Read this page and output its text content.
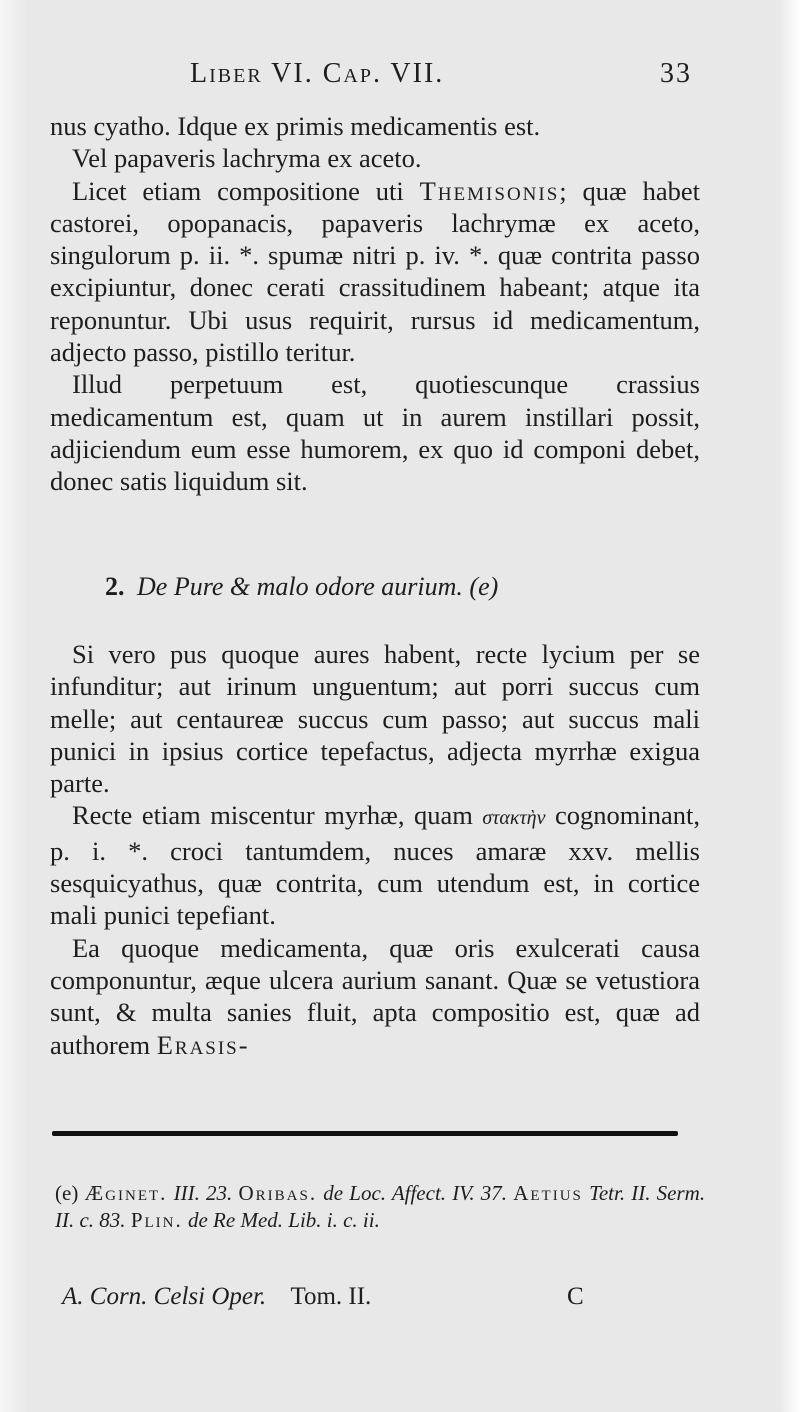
Liber VI. Cap. VII.	33

nus cyatho. Idque ex primis medicamentis est.

Vel papaveris lachryma ex aceto.

Licet etiam compositione uti Themisonis; quæ habet castorei, opopanacis, papaveris lachrymæ ex aceto, singulorum p. ii. *. spumæ nitri p. iv. *. quæ contrita passo excipiuntur, donec cerati crassitudinem habeant; atque ita reponuntur. Ubi usus requirit, rursus id medicamentum, adjecto passo, pistillo teritur.

Illud perpetuum est, quotiescunque crassius medicamentum est, quam ut in aurem instillari possit, adjiciendum eum esse humorem, ex quo id componi debet, donec satis liquidum sit.

2. De Pure & malo odore aurium. (e)

Si vero pus quoque aures habent, recte lycium per se infunditur; aut irinum unguentum; aut porri succus cum melle; aut centaureæ succus cum passo; aut succus mali punici in ipsius cortice tepefactus, adjecta myrrhæ exigua parte.

Recte etiam miscentur myrhæ, quam στακτὴν cognominant, p. i. *. croci tantumdem, nuces amaræ xxv. mellis sesquicyathus, quæ contrita, cum utendum est, in cortice mali punici tepefiant.

Ea quoque medicamenta, quæ oris exulcerati causa componuntur, æque ulcera aurium sanant. Quæ se vetustiora sunt, & multa sanies fluit, apta compositio est, quæ ad authorem Erasis-

(e) Æginet. III. 23. Oribas. de Loc. Affect. IV. 37. Aetius Tetr. II. Serm. II. c. 83. Plin. de Re Med. Lib. i. c. ii.
A. Corn. Celsi Oper. Tom. II.	C
